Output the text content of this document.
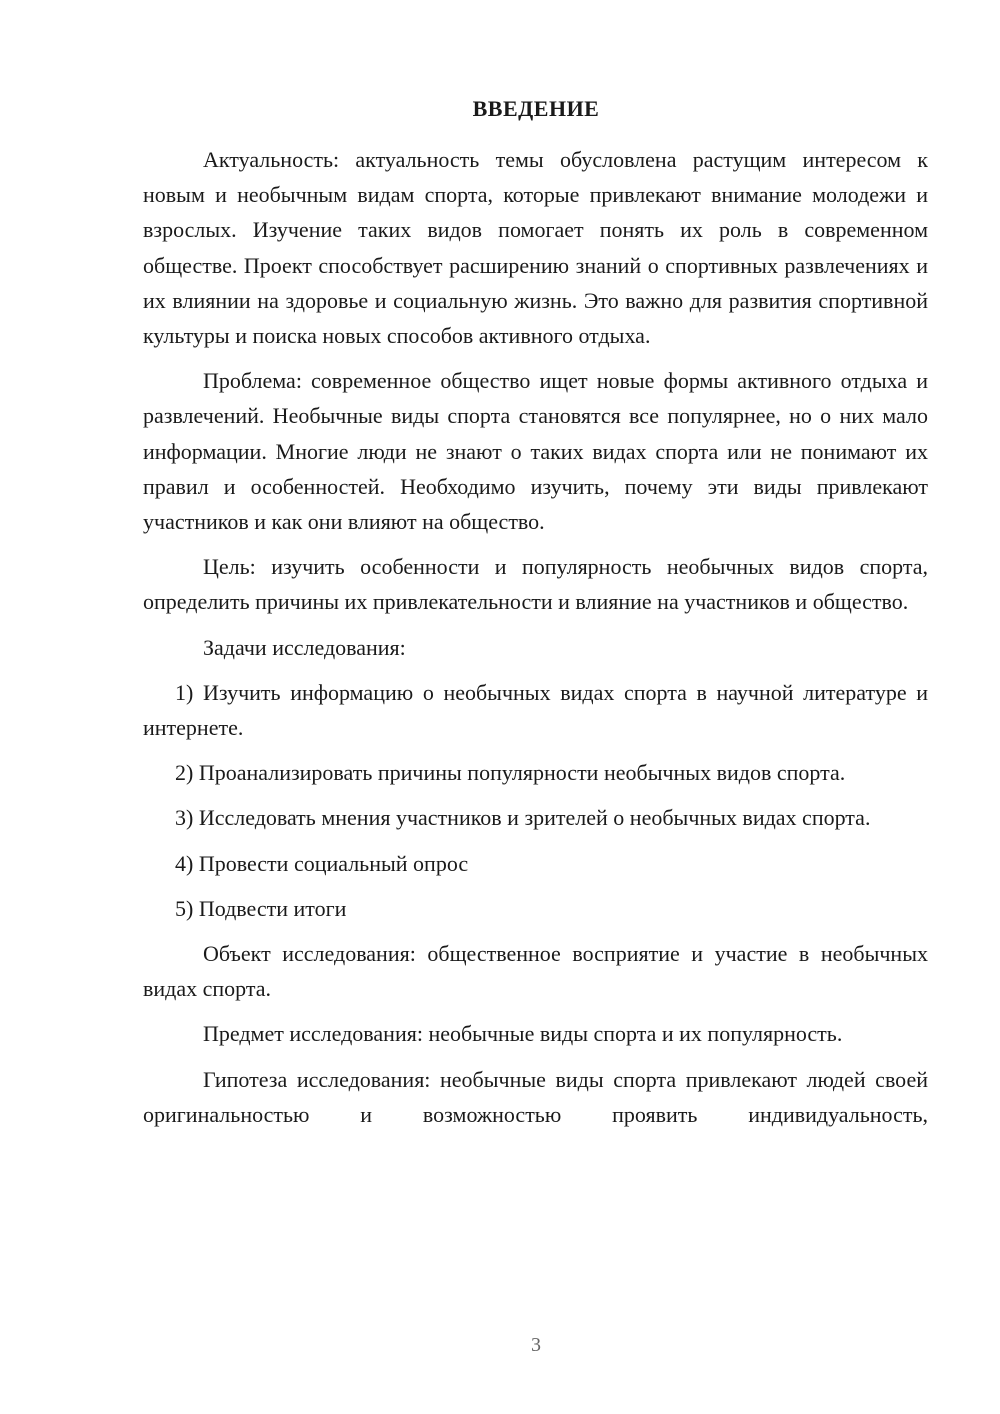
ВВЕДЕНИЕ

Актуальность: актуальность темы обусловлена растущим интересом к новым и необычным видам спорта, которые привлекают внимание молодежи и взрослых. Изучение таких видов помогает понять их роль в современном обществе. Проект способствует расширению знаний о спортивных развлечениях и их влиянии на здоровье и социальную жизнь. Это важно для развития спортивной культуры и поиска новых способов активного отдыха.

Проблема: современное общество ищет новые формы активного отдыха и развлечений. Необычные виды спорта становятся все популярнее, но о них мало информации. Многие люди не знают о таких видах спорта или не понимают их правил и особенностей. Необходимо изучить, почему эти виды привлекают участников и как они влияют на общество.

Цель: изучить особенности и популярность необычных видов спорта, определить причины их привлекательности и влияние на участников и общество.

Задачи исследования:

1) Изучить информацию о необычных видах спорта в научной литературе и интернете.

2) Проанализировать причины популярности необычных видов спорта.

3) Исследовать мнения участников и зрителей о необычных видах спорта.

4) Провести социальный опрос

5) Подвести итоги

Объект исследования: общественное восприятие и участие в необычных видах спорта.

Предмет исследования: необычные виды спорта и их популярность.

Гипотеза исследования: необычные виды спорта привлекают людей своей оригинальностью и возможностью проявить индивидуальность,

3
